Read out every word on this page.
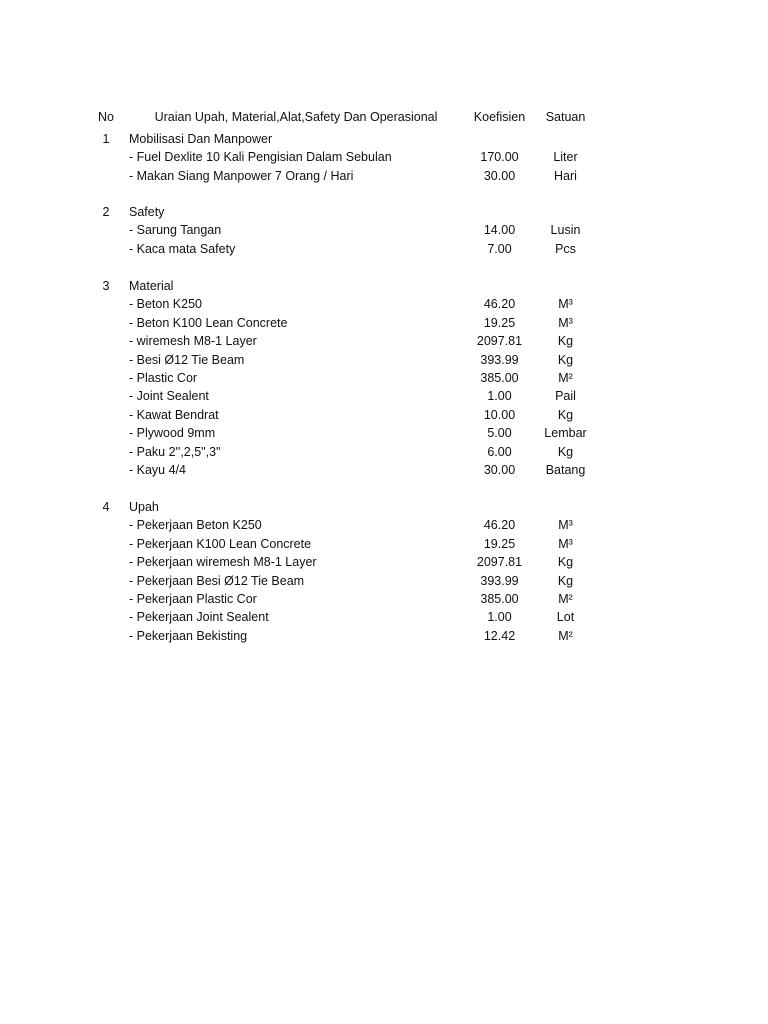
No	Uraian Upah, Material,Alat,Safety Dan Operasional	Koefisien	Satuan
1	Mobilisasi Dan Manpower
- Fuel Dexlite 10 Kali Pengisian Dalam Sebulan	170.00	Liter
- Makan Siang Manpower 7 Orang / Hari	30.00	Hari
2	Safety
- Sarung Tangan	14.00	Lusin
- Kaca mata Safety	7.00	Pcs
3	Material
- Beton K250	46.20	M³
- Beton K100 Lean Concrete	19.25	M³
- wiremesh M8-1 Layer	2097.81	Kg
- Besi Ø12 Tie Beam	393.99	Kg
- Plastic Cor	385.00	M²
- Joint Sealent	1.00	Pail
- Kawat Bendrat	10.00	Kg
- Plywood 9mm	5.00	Lembar
- Paku 2'',2,5",3"	6.00	Kg
- Kayu 4/4	30.00	Batang
4	Upah
- Pekerjaan Beton K250	46.20	M³
- Pekerjaan K100 Lean Concrete	19.25	M³
- Pekerjaan wiremesh M8-1 Layer	2097.81	Kg
- Pekerjaan Besi Ø12 Tie Beam	393.99	Kg
- Pekerjaan Plastic Cor	385.00	M²
- Pekerjaan Joint Sealent	1.00	Lot
- Pekerjaan Bekisting	12.42	M²
